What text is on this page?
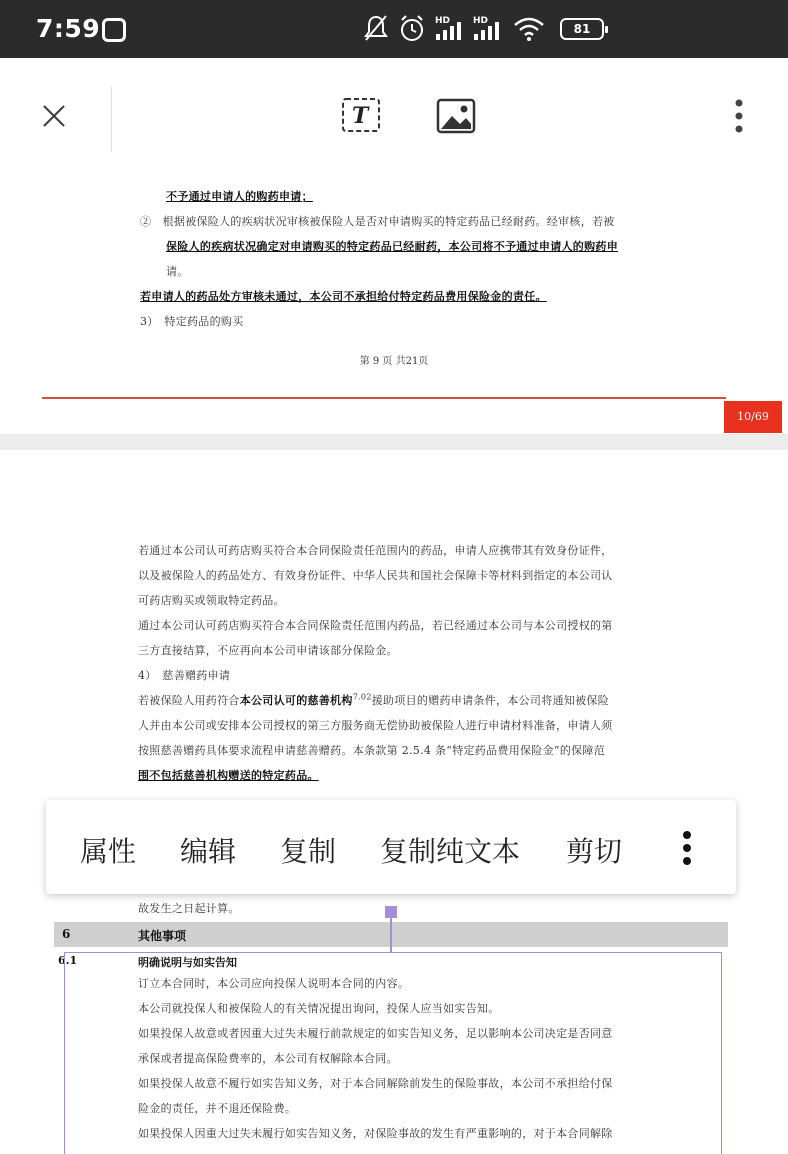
7:59	HD	HD
81
T
不予通过申请人的购药申请；
②　根据被保险人的疾病状况审核被保险人是否对申请购买的特定药品已经耐药。经审核，若被
保险人的疾病状况确定对申请购买的特定药品已经耐药，本公司将不予通过申请人的购药申
请。
若申请人的药品处方审核未通过，本公司不承担给付特定药品费用保险金的责任。
3）　特定药品的购买
第 9 页 共21页
10/69
若通过本公司认可药店购买符合本合同保险责任范围内的药品，申请人应携带其有效身份证件，
以及被保险人的药品处方、有效身份证件、中华人民共和国社会保障卡等材料到指定的本公司认
可药店购买或领取特定药品。
通过本公司认可药店购买符合本合同保险责任范围内药品，若已经通过本公司与本公司授权的第
三方直接结算，不应再向本公司申请该部分保险金。
4）　慈善赠药申请
若被保险人用药符合本公司认可的慈善机构$^{7.02}$援助项目的赠药申请条件，本公司将通知被保险
人并由本公司或安排本公司授权的第三方服务商无偿协助被保险人进行申请材料准备，申请人须
按照慈善赠药具体要求流程申请慈善赠药。本条款第 2.5.4 条“特定药品费用保险金”的保障范
围不包括慈善机构赠送的特定药品。
故发生之日起计算。
订立本合同时，本公司应向投保人说明本合同的内容。
本公司就投保人和被保险人的有关情况提出询问，投保人应当如实告知。
如果投保人故意或者因重大过失未履行前款规定的如实告知义务，足以影响本公司决定是否同意
承保或者提高保险费率的，本公司有权解除本合同。
如果投保人故意不履行如实告知义务，对于本合同解除前发生的保险事故，本公司不承担给付保
险金的责任，并不退还保险费。
如果投保人因重大过失未履行如实告知义务，对保险事故的发生有严重影响的，对于本合同解除
6	其他事项
6.1	明确说明与如实告知
属性 编辑 复制 复制纯文本 剪切
